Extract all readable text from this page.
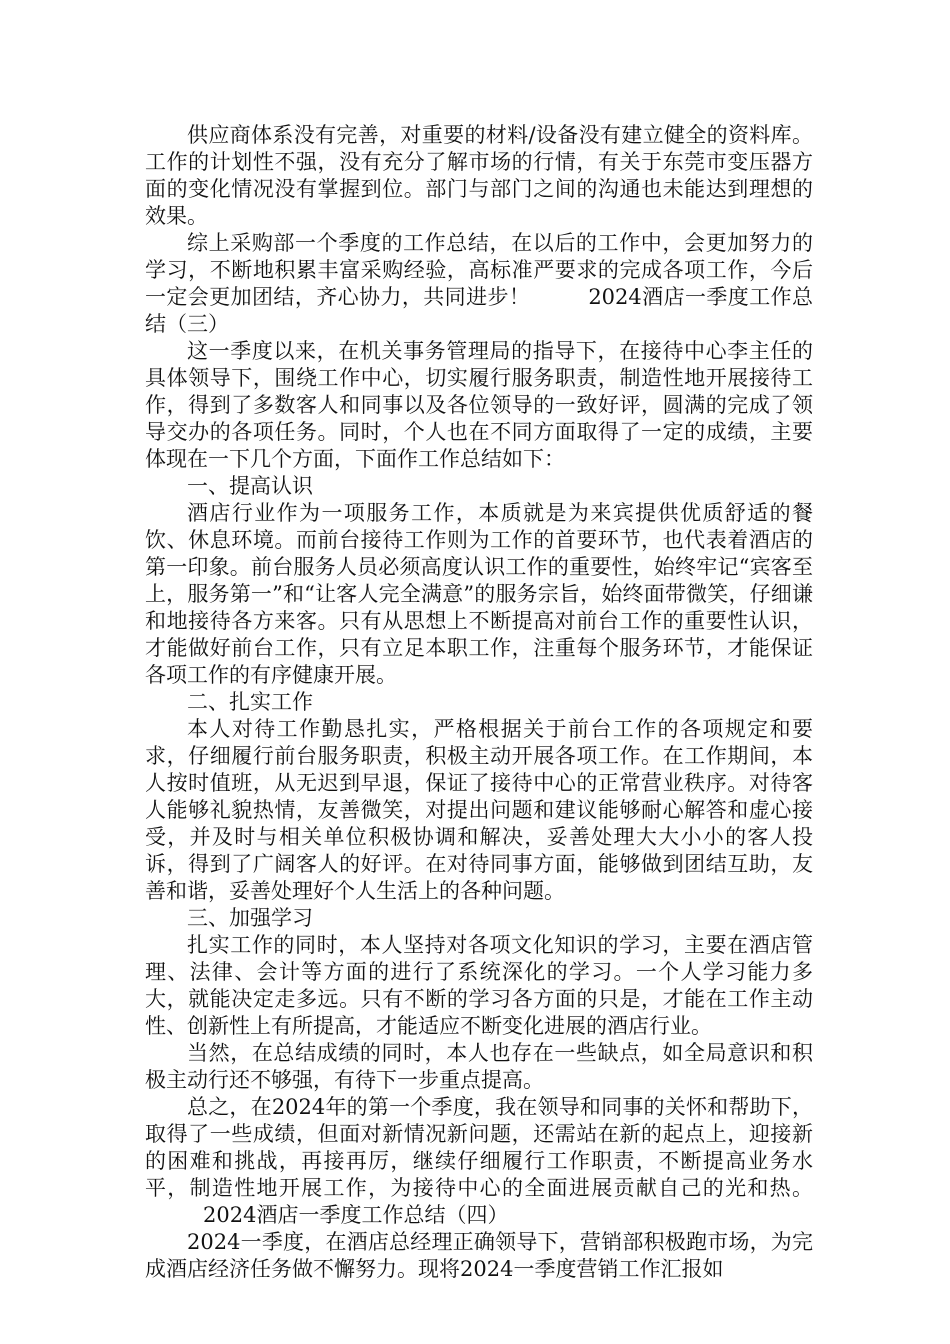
供应商体系没有完善，对重要的材料/设备没有建立健全的资料库。工作的计划性不强，没有充分了解市场的行情，有关于东莞市变压器方面的变化情况没有掌握到位。部门与部门之间的沟通也未能达到理想的效果。

综上采购部一个季度的工作总结，在以后的工作中，会更加努力的学习，不断地积累丰富采购经验，高标准严要求的完成各项工作，今后一定会更加团结，齐心协力，共同进步！	2024酒店一季度工作总结（三）

这一季度以来，在机关事务管理局的指导下，在接待中心李主任的具体领导下，围绕工作中心，切实履行服务职责，制造性地开展接待工作，得到了多数客人和同事以及各位领导的一致好评，圆满的完成了领导交办的各项任务。同时，个人也在不同方面取得了一定的成绩，主要体现在一下几个方面，下面作工作总结如下：

一、提高认识

酒店行业作为一项服务工作，本质就是为来宾提供优质舒适的餐饮、休息环境。而前台接待工作则为工作的首要环节，也代表着酒店的第一印象。前台服务人员必须高度认识工作的重要性，始终牢记“宾客至上，服务第一”和“让客人完全满意”的服务宗旨，始终面带微笑，仔细谦和地接待各方来客。只有从思想上不断提高对前台工作的重要性认识，才能做好前台工作，只有立足本职工作，注重每个服务环节，才能保证各项工作的有序健康开展。

二、扎实工作

本人对待工作勤恳扎实，严格根据关于前台工作的各项规定和要求，仔细履行前台服务职责，积极主动开展各项工作。在工作期间，本人按时值班，从无迟到早退，保证了接待中心的正常营业秩序。对待客人能够礼貌热情，友善微笑，对提出问题和建议能够耐心解答和虚心接受，并及时与相关单位积极协调和解决，妥善处理大大小小的客人投诉，得到了广阔客人的好评。在对待同事方面，能够做到团结互助，友善和谐，妥善处理好个人生活上的各种问题。

三、加强学习

扎实工作的同时，本人坚持对各项文化知识的学习，主要在酒店管理、法律、会计等方面的进行了系统深化的学习。一个人学习能力多大，就能决定走多远。只有不断的学习各方面的只是，才能在工作主动性、创新性上有所提高，才能适应不断变化进展的酒店行业。

当然，在总结成绩的同时，本人也存在一些缺点，如全局意识和积极主动行还不够强，有待下一步重点提高。

总之，在2024年的第一个季度，我在领导和同事的关怀和帮助下，取得了一些成绩，但面对新情况新问题，还需站在新的起点上，迎接新的困难和挑战，再接再厉，继续仔细履行工作职责，不断提高业务水平，制造性地开展工作，为接待中心的全面进展贡献自己的光和热。2024酒店一季度工作总结（四）

2024一季度，在酒店总经理正确领导下，营销部积极跑市场，为完成酒店经济任务做不懈努力。现将2024一季度营销工作汇报如
